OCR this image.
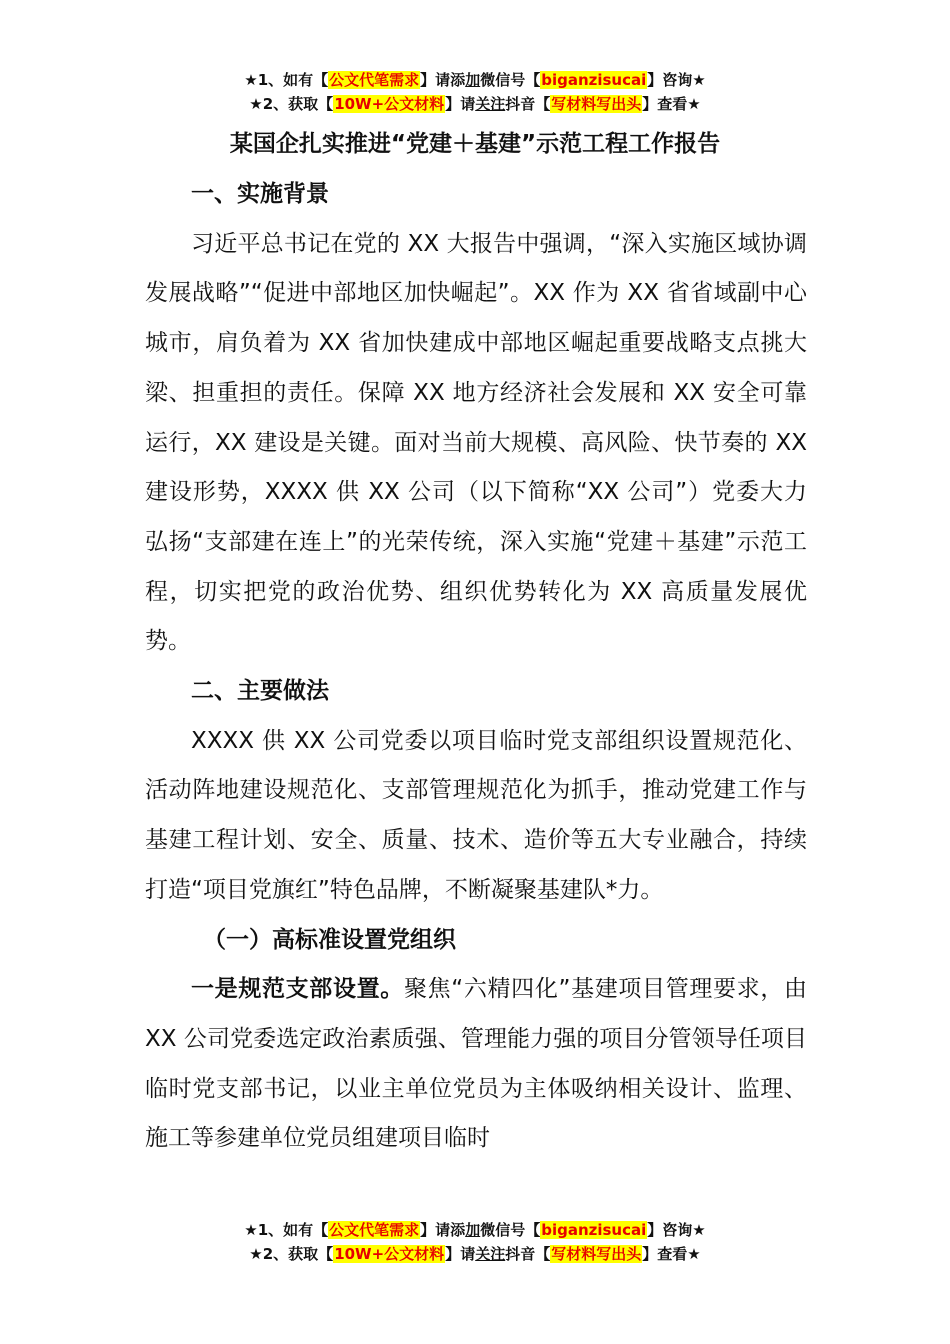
★1、如有【公文代笔需求】请添加微信号【biganzisucai】咨询★
★2、获取【10W+公文材料】请关注抖音【写材料写出头】查看★
某国企扎实推进“党建＋基建”示范工程工作报告
一、实施背景

习近平总书记在党的 XX 大报告中强调，“深入实施区域协调发展战略”“促进中部地区加快崛起”。XX 作为 XX 省省域副中心城市，肩负着为 XX 省加快建成中部地区崛起重要战略支点挑大梁、担重担的责任。保障 XX 地方经济社会发展和 XX 安全可靠运行，XX 建设是关键。面对当前大规模、高风险、快节奏的 XX 建设形势，XXXX 供 XX 公司（以下简称“XX 公司”）党委大力弘扬“支部建在连上”的光荣传统，深入实施“党建＋基建”示范工程，切实把党的政治优势、组织优势转化为 XX 高质量发展优势。

二、主要做法

XXXX 供 XX 公司党委以项目临时党支部组织设置规范化、活动阵地建设规范化、支部管理规范化为抓手，推动党建工作与基建工程计划、安全、质量、技术、造价等五大专业融合，持续打造“项目党旗红”特色品牌，不断凝聚基建队*力。

（一）高标准设置党组织

一是规范支部设置。聚焦“六精四化”基建项目管理要求，由 XX 公司党委选定政治素质强、管理能力强的项目分管领导任项目临时党支部书记，以业主单位党员为主体吸纳相关设计、监理、施工等参建单位党员组建项目临时

★1、如有【公文代笔需求】请添加微信号【biganzisucai】咨询★
★2、获取【10W+公文材料】请关注抖音【写材料写出头】查看★
